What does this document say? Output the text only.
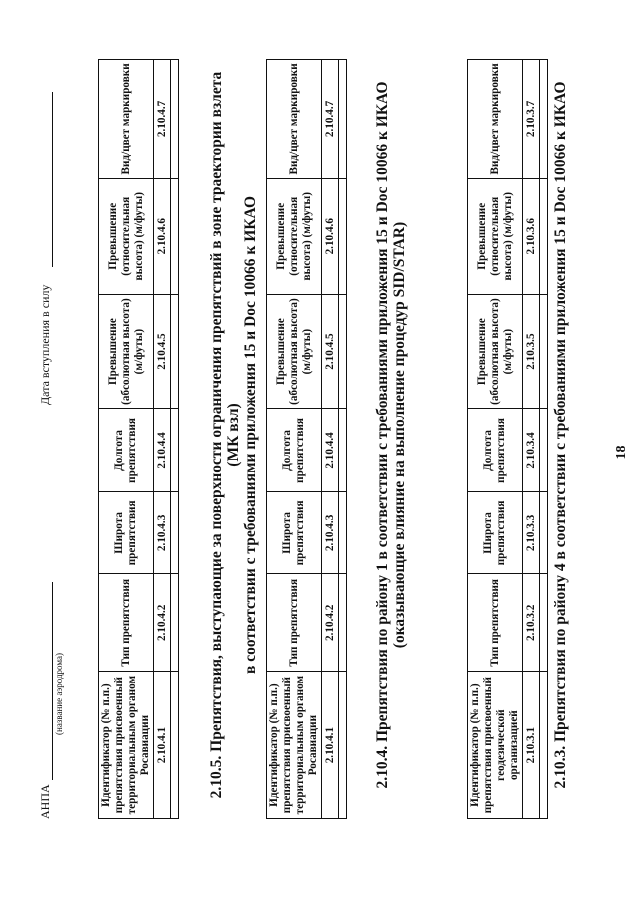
18
2.10.3. Препятствия по району 4 в соответствии с требованиями приложения 15 и Doc 10066 к ИКАО
Идентификатор (№ п.п.) препятствия присвоенный геодезической организацией	Тип препятствия	Широта препятствия	Долгота препятствия	Превышение (абсолютная высота) (м/футы)	Превышение (относительная высота) (м/футы)	Вид/цвет маркировки
2.10.3.1	2.10.3.2	2.10.3.3	2.10.3.4	2.10.3.5	2.10.3.6	2.10.3.7

2.10.4. Препятствия по району 1 в соответствии с требованиями приложения 15 и Doc 10066 к ИКАО (оказывающие влияние на выполнение процедур SID/STAR)
Идентификатор (№ п.п.) препятствия присвоенный территориальным органом Росавиации	Тип препятствия	Широта препятствия	Долгота препятствия	Превышение (абсолютная высота) (м/футы)	Превышение (относительная высота) (м/футы)	Вид/цвет маркировки
2.10.4.1	2.10.4.2	2.10.4.3	2.10.4.4	2.10.4.5	2.10.4.6	2.10.4.7

2.10.5. Препятствия, выступающие за поверхности ограничения препятствий в зоне траектории взлета (МК взл) в соответствии с требованиями приложения 15 и Doc 10066 к ИКАО
Идентификатор (№ п.п.) препятствия присвоенный территориальным органом Росавиации	Тип препятствия	Широта препятствия	Долгота препятствия	Превышение (абсолютная высота) (м/футы)	Превышение (относительная высота) (м/футы)	Вид/цвет маркировки
2.10.4.1	2.10.4.2	2.10.4.3	2.10.4.4	2.10.4.5	2.10.4.6	2.10.4.7

АНПА
(название аэродрома)
Дата вступления в силу
